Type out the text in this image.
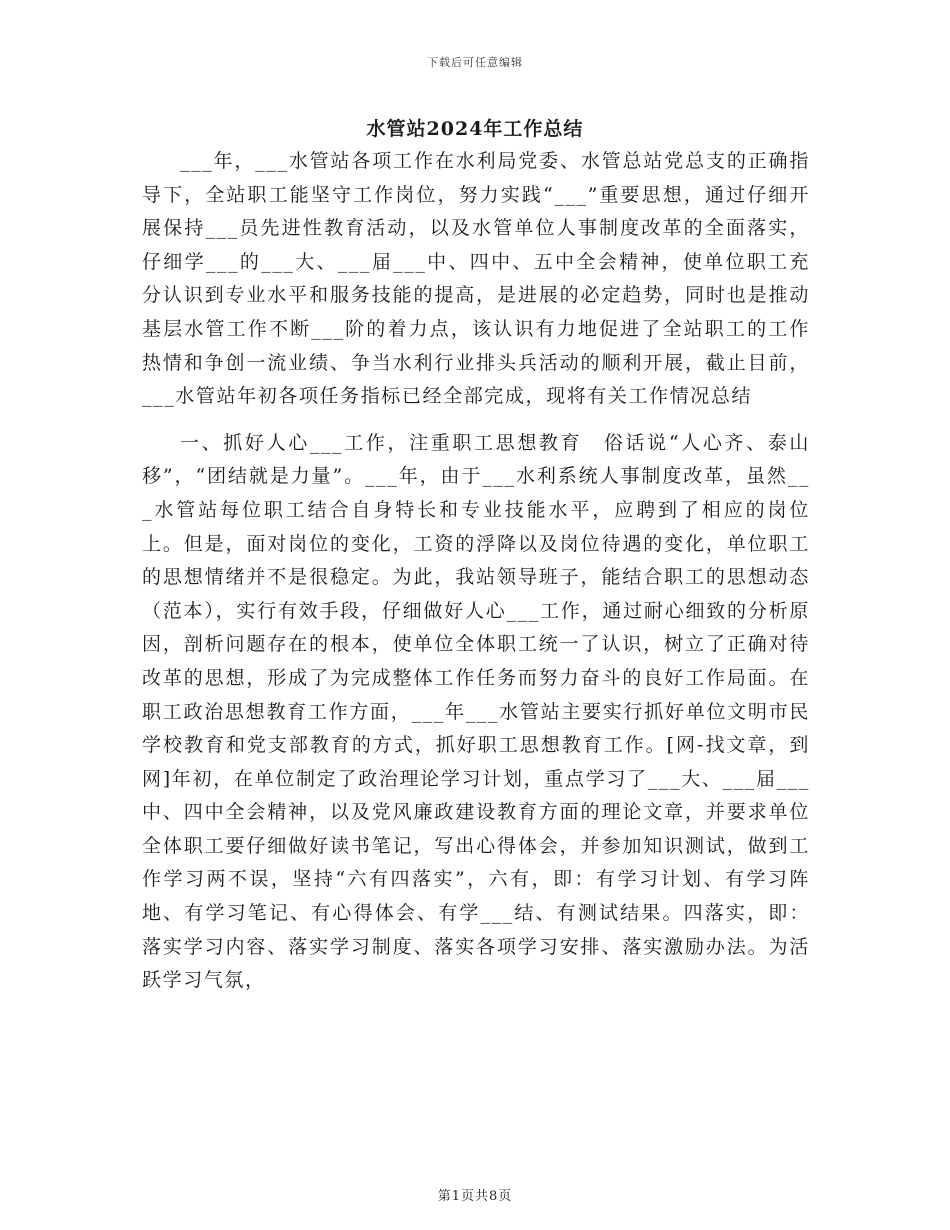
下载后可任意编辑
水管站2024年工作总结

___年，___水管站各项工作在水利局党委、水管总站党总支的正确指导下，全站职工能坚守工作岗位，努力实践“___”重要思想，通过仔细开展保持___员先进性教育活动，以及水管单位人事制度改革的全面落实，仔细学___的___大、___届___中、四中、五中全会精神，使单位职工充分认识到专业水平和服务技能的提高，是进展的必定趋势，同时也是推动基层水管工作不断___阶的着力点，该认识有力地促进了全站职工的工作热情和争创一流业绩、争当水利行业排头兵活动的顺利开展，截止目前，___水管站年初各项任务指标已经全部完成，现将有关工作情况总结

一、抓好人心___工作，注重职工思想教育　俗话说“人心齐、泰山移”，“团结就是力量”。___年，由于___水利系统人事制度改革，虽然___水管站每位职工结合自身特长和专业技能水平，应聘到了相应的岗位上。但是，面对岗位的变化，工资的浮降以及岗位待遇的变化，单位职工的思想情绪并不是很稳定。为此，我站领导班子，能结合职工的思想动态（范本），实行有效手段，仔细做好人心___工作，通过耐心细致的分析原因，剖析问题存在的根本，使单位全体职工统一了认识，树立了正确对待改革的思想，形成了为完成整体工作任务而努力奋斗的良好工作局面。在职工政治思想教育工作方面，___年___水管站主要实行抓好单位文明市民学校教育和党支部教育的方式，抓好职工思想教育工作。[网-找文章，到网]年初，在单位制定了政治理论学习计划，重点学习了___大、___届___中、四中全会精神，以及党风廉政建设教育方面的理论文章，并要求单位全体职工要仔细做好读书笔记，写出心得体会，并参加知识测试，做到工作学习两不误，坚持“六有四落实”，六有，即：有学习计划、有学习阵地、有学习笔记、有心得体会、有学___结、有测试结果。四落实，即：落实学习内容、落实学习制度、落实各项学习安排、落实激励办法。为活跃学习气氛，

第1页共8页
